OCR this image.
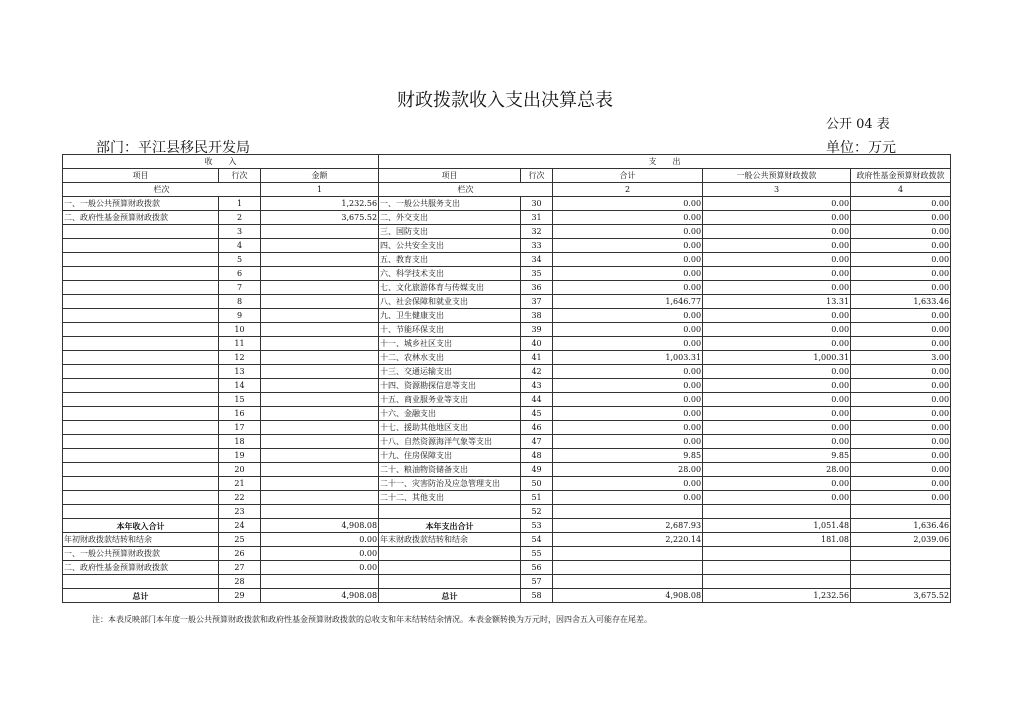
财政拨款收入支出决算总表
公开 04 表
部门：平江县移民开发局	单位：万元
收　　入			支　　出				
项目	行次	金额	项目	行次	合计	一般公共预算财政拨款	政府性基金预算财政拨款
栏次		1	栏次		2	3	4
一、一般公共预算财政拨款	1	1,232.56	一、一般公共服务支出	30	0.00	0.00	0.00
二、政府性基金预算财政拨款	2	3,675.52	二、外交支出	31	0.00	0.00	0.00
	3		三、国防支出	32	0.00	0.00	0.00
	4		四、公共安全支出	33	0.00	0.00	0.00
	5		五、教育支出	34	0.00	0.00	0.00
	6		六、科学技术支出	35	0.00	0.00	0.00
	7		七、文化旅游体育与传媒支出	36	0.00	0.00	0.00
	8		八、社会保障和就业支出	37	1,646.77	13.31	1,633.46
	9		九、卫生健康支出	38	0.00	0.00	0.00
	10		十、节能环保支出	39	0.00	0.00	0.00
	11		十一、城乡社区支出	40	0.00	0.00	0.00
	12		十二、农林水支出	41	1,003.31	1,000.31	3.00
	13		十三、交通运输支出	42	0.00	0.00	0.00
	14		十四、资源勘探信息等支出	43	0.00	0.00	0.00
	15		十五、商业服务业等支出	44	0.00	0.00	0.00
	16		十六、金融支出	45	0.00	0.00	0.00
	17		十七、援助其他地区支出	46	0.00	0.00	0.00
	18		十八、自然资源海洋气象等支出	47	0.00	0.00	0.00
	19		十九、住房保障支出	48	9.85	9.85	0.00
	20		二十、粮油物资储备支出	49	28.00	28.00	0.00
	21		二十一、灾害防治及应急管理支出	50	0.00	0.00	0.00
	22		二十二、其他支出	51	0.00	0.00	0.00
	23			52			
本年收入合计	24	4,908.08	本年支出合计	53	2,687.93	1,051.48	1,636.46
年初财政拨款结转和结余	25	0.00	年末财政拨款结转和结余	54	2,220.14	181.08	2,039.06
一、一般公共预算财政拨款	26	0.00		55			
二、政府性基金预算财政拨款	27	0.00		56			
	28			57			
总计	29	4,908.08	总计	58	4,908.08	1,232.56	3,675.52
注：本表反映部门本年度一般公共预算财政拨款和政府性基金预算财政拨款的总收支和年末结转结余情况。本表金额转换为万元时，因四舍五入可能存在尾差。
